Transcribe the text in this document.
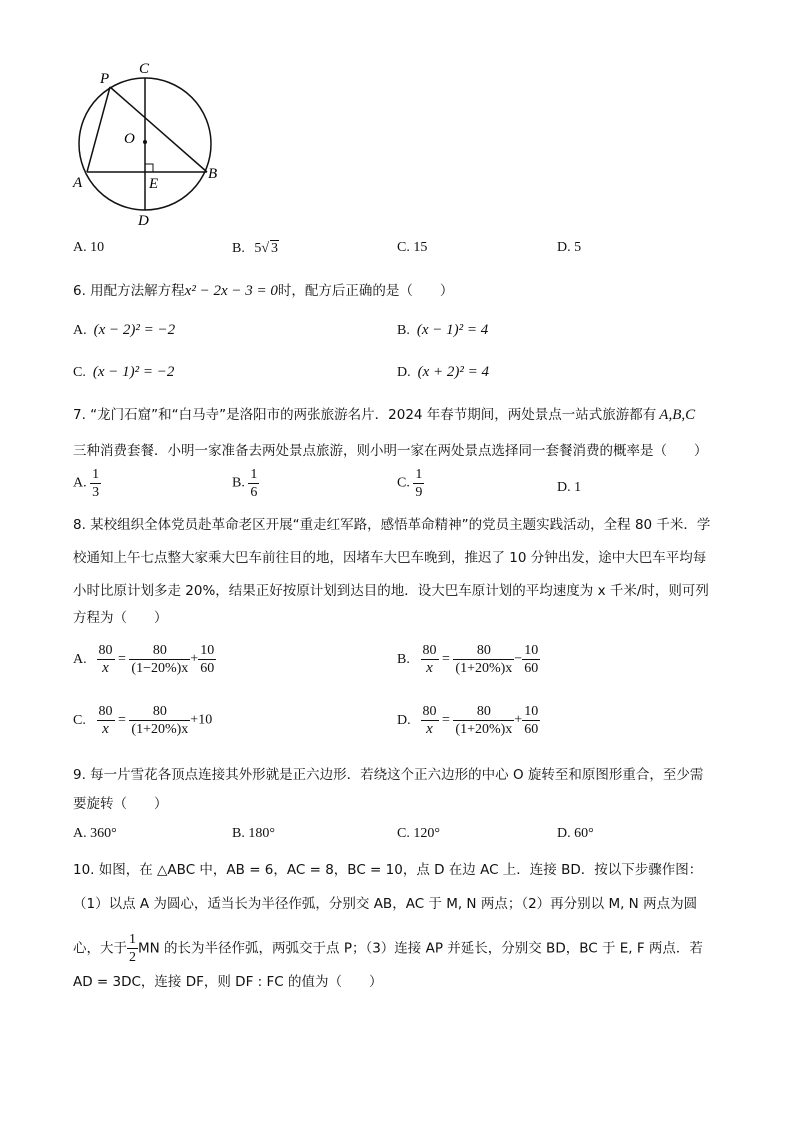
P
C
O
A	E
B
D
A. 10	B. 5√ 3	C. 15	D. 5
6. 用配方法解方程x² − 2x − 3 = 0时，配方后正确的是（　　）
A.  (x − 2)² = −2	B.  (x − 1)² = 4
C.  (x − 1)² = −2	D.  (x + 2)² = 4
7. “龙门石窟”和“白马寺”是洛阳市的两张旅游名片．2024 年春节期间，两处景点一站式旅游都有 A,B,C
三种消费套餐．小明一家准备去两处景点旅游，则小明一家在两处景点选择同一套餐消费的概率是（　　）
A. $\frac{1}{3}$	B. $\frac{1}{6}$	C. $\frac{1}{9}$	D. 1
8. 某校组织全体党员赴革命老区开展“重走红军路，感悟革命精神”的党员主题实践活动，全程 80 千米．学
校通知上午七点整大家乘大巴车前往目的地，因堵车大巴车晚到，推迟了 10 分钟出发，途中大巴车平均每
小时比原计划多走 20%，结果正好按原计划到达目的地．设大巴车原计划的平均速度为 x 千米/时，则可列
方程为（　　）
A. $\frac{80}{x} = \frac{80}{(1-20\%)x} + \frac{10}{60}$	B. $\frac{80}{x} = \frac{80}{(1+20\%)x} - \frac{10}{60}$
C. $\frac{80}{x} = \frac{80}{(1+20\%)x} +10$	D. $\frac{80}{x} = \frac{80}{(1+20\%)x} + \frac{10}{60}$
9. 每一片雪花各顶点连接其外形就是正六边形．若绕这个正六边形的中心 O 旋转至和原图形重合，至少需
要旋转（　　）
A. 360°	B. 180°	C. 120°	D. 60°
10. 如图，在 △ABC 中，AB = 6，AC = 8，BC = 10，点 D 在边 AC 上．连接 BD．按以下步骤作图：
（1）以点 A 为圆心，适当长为半径作弧，分别交 AB，AC 于 M, N 两点；（2）再分别以 M, N 两点为圆
心，大于 $\frac{1}{2}$ MN 的长为半径作弧，两弧交于点 P；（3）连接 AP 并延长，分别交 BD，BC 于 E, F 两点．若
AD = 3DC，连接 DF，则 DF : FC 的值为（　　）
